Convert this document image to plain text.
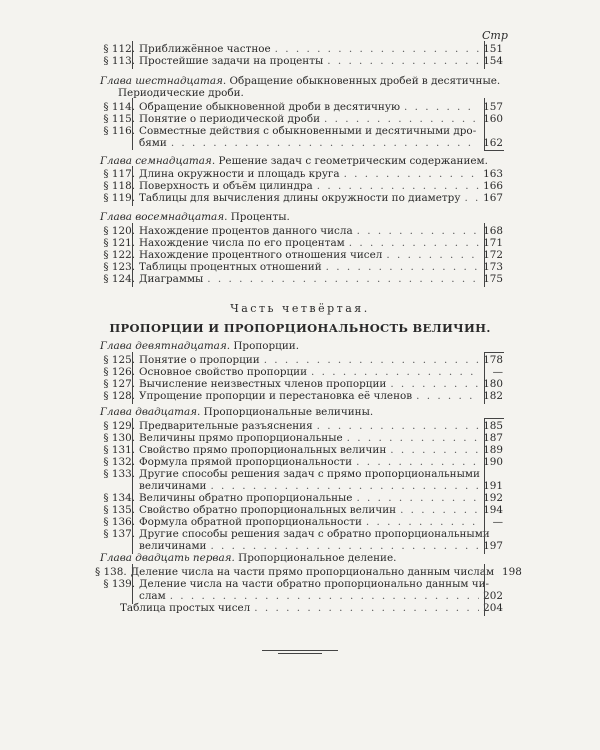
Стр
§ 112. Приближённое частное . . .	151
§ 113. Простейшие задачи на проценты . . .	154
Глава шестнадцатая. Обращение обыкновенных дробей в десятичные.
Периодические дроби.
§ 114. Обращение обыкновенной дроби в десятичную . . .	157
§ 115. Понятие о периодической дроби . . .	160
§ 116. Совместные действия с обыкновенными и десятичными дро-
бями . . .	162
Глава семнадцатая. Решение задач с геометрическим содержанием.
§ 117. Длина окружности и площадь круга . . .	163
§ 118. Поверхность и объём цилиндра . . .	166
§ 119. Таблицы для вычисления длины окружности по диаметру . . . 167
Глава восемнадцатая. Проценты.
§ 120. Нахождение процентов данного числа . . .	168
§ 121. Нахождение числа по его процентам . . .	171
§ 122. Нахождение процентного отношения чисел . . .	172
§ 123. Таблицы процентных отношений . . .	173
§ 124. Диаграммы . . .	175
Часть четвёртая.
ПРОПОРЦИИ И ПРОПОРЦИОНАЛЬНОСТЬ ВЕЛИЧИН.
Глава девятнадцатая. Пропорции.
§ 125. Понятие о пропорции . . .	178
§ 126. Основное свойство пропорции . . .	—
§ 127. Вычисление неизвестных членов пропорции . . .	180
§ 128. Упрощение пропорции и перестановка её членов . . .	182
Глава двадцатая. Пропорциональные величины.
§ 129. Предварительные разъяснения . . .	185
§ 130. Величины прямо пропорциональные . . .	187
§ 131. Свойство прямо пропорциональных величин . . .	189
§ 132. Формула прямой пропорциональности . . .	190
§ 133. Другие способы решения задач с прямо пропорциональными
величинами . . .	191
§ 134. Величины обратно пропорциональные . . .	192
§ 135. Свойство обратно пропорциональных величин . . .	194
§ 136. Формула обратной пропорциональности . . .	—
§ 137. Другие способы решения задач с обратно пропорциональными
величинами . . .	197
Глава двадцать первая. Пропорциональное деление.
§ 138. Деление числа на части прямо пропорционально данным числам 198
§ 139. Деление числа на части обратно пропорционально данным чи-
слам . . .	202
Таблица простых чисел . . .	204
